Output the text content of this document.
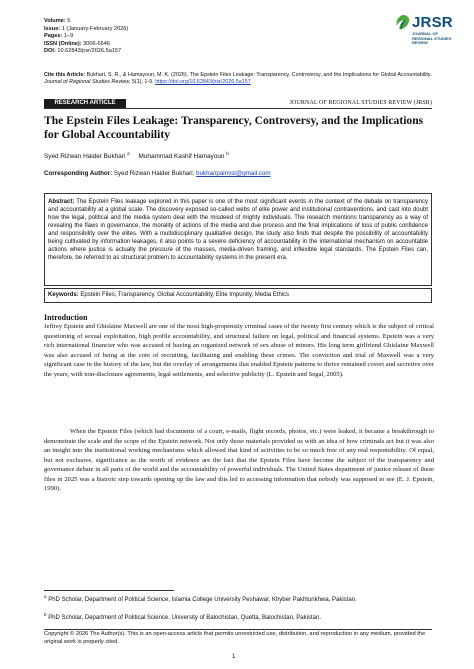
Volume: 5
Issue: 1 (January-February 2026)
Pages: 1–9
ISSN (Online): 3006-6646
DOI: 10.62843/jrsr/2026.5a157
JRSR
JOURNAL OF REGIONAL STUDIES REVIEW
Cite this Article: Bukhari, S. R., & Hamayoun, M. K. (2026). The Epstein Files Leakage: Transparency, Controversy, and the Implications for Global Accountability. Journal of Regional Studies Review, 5(1), 1-9. https://doi.org/10.62843/jrsr/2026.5a157
RESEARCH ARTICLE	JOURNAL OF REGIONAL STUDIES REVIEW (JRSR)
The Epstein Files Leakage: Transparency, Controversy, and the Implications for Global Accountability
Syed Rizwan Haider Bukhari $^a$ Muhammad Kashif Hamayoun $^b$
Corresponding Author: Syed Rizwan Haider Bukhari; bukharipalmist@gmail.com
Abstract: The Epstein Files leakage explored in this paper is one of the most significant events in the context of the debate on transparency and accountability at a global scale. The discovery exposed so-called webs of elite power and institutional contraventions, and cast into doubt how the legal, political and the media system deal with the misdeed of mighty individuals. The research mentions transparency as a way of revealing the flaws in governance, the morality of actions of the media and due process and the final implications of loss of public confidence and responsibility over the elites. With a multidisciplinary qualitative design, the study also finds that despite the possibility of accountability being cultivated by information leakages, it also points to a severe deficiency of accountability in the international mechanism on accountable actions where justice is actually the pressure of the masses, media-driven framing, and inflexible legal standards. The Epstein Files can, therefore, be referred to as structural problem to accountability systems in the present era.
Keywords: Epstein Files, Transparency, Global Accountability, Elite Impunity, Media Ethics
Introduction
Jeffrey Epstein and Ghislaine Maxwell are one of the most high-propensity criminal cases of the twenty first century which is the subject of critical questioning of sexual exploitation, high profile accountability, and structural failure on legal, political and financial systems. Epstein was a very rich international financier who was accused of having an organized network of sex abuse of minors. His long term girlfriend Ghislaine Maxwell was also accused of being at the core of recruiting, facilitating and enabling these crimes. The conviction and trial of Maxwell was a very significant case in the history of the law, but the overlay of arrangements that enabled Epstein patterns to thrive remained covert and secretive over the years, with non-disclosure agreements, legal settlements, and selective publicity (L. Epstein and Segal, 2005).
When the Epstein Files (which had documents of a court, e-mails, flight records, photos, etc.) were leaked, it became a breakthrough to demonstrate the scale and the scope of the Epstein network. Not only those materials provided us with an idea of how criminals act but it was also an insight into the institutional working mechanisms which allowed that kind of activities to be so much free of any real responsibility. Of equal, but not exclusive, significance as the worth of evidence are the fact that the Epstein Files have become the subject of the transparency and governance debate in all parts of the world and the accountability of powerful individuals. The United States department of justice release of these files in 2025 was a historic step towards opening up the law and this led to accessing information that nobody was supposed to see (E. J. Epstein, 1990).
$^a$ PhD Scholar, Department of Political Science, Islamia College University Peshawar, Khyber Pakhtunkhwa, Pakistan.
$^b$ PhD Scholar, Department of Political Science, University of Balochistan, Quetta, Balochistan, Pakistan.
Copyright © 2026 The Author(s). This is an open-access article that permits unrestricted use, distribution, and reproduction in any medium, provided the original work is properly cited.
1
